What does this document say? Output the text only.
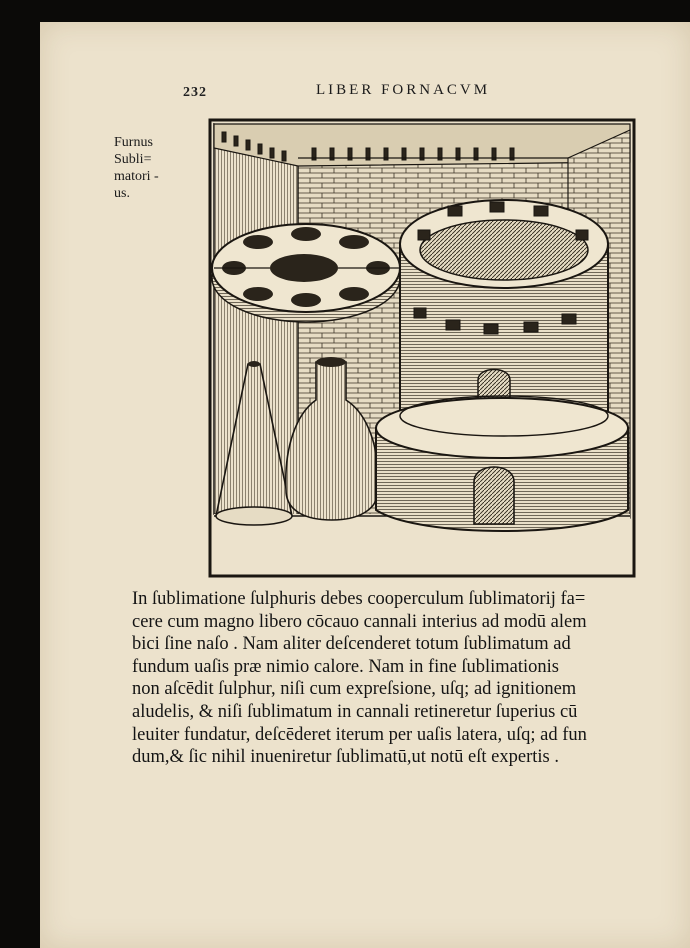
232	LIBER FORNACVM
Furnus
Subli=
matori -
us.
In ſublimatione ſulphuris debes cooperculum ſublimatorij fa=
cere cum magno libero cōcauo cannali interius ad modū alem
bici ſine naſo . Nam aliter deſcenderet totum ſublimatum ad
fundum uaſis præ nimio calore. Nam in fine ſublimationis
non aſcēdit ſulphur, niſi cum expreſsione, uſq; ad ignitionem
aludelis, & niſi ſublimatum in cannali retineretur ſuperius cū
leuiter fundatur, deſcēderet iterum per uaſis latera, uſq; ad fun
dum,& ſic nihil inueniretur ſublimatū,ut notū eſt expertis .
